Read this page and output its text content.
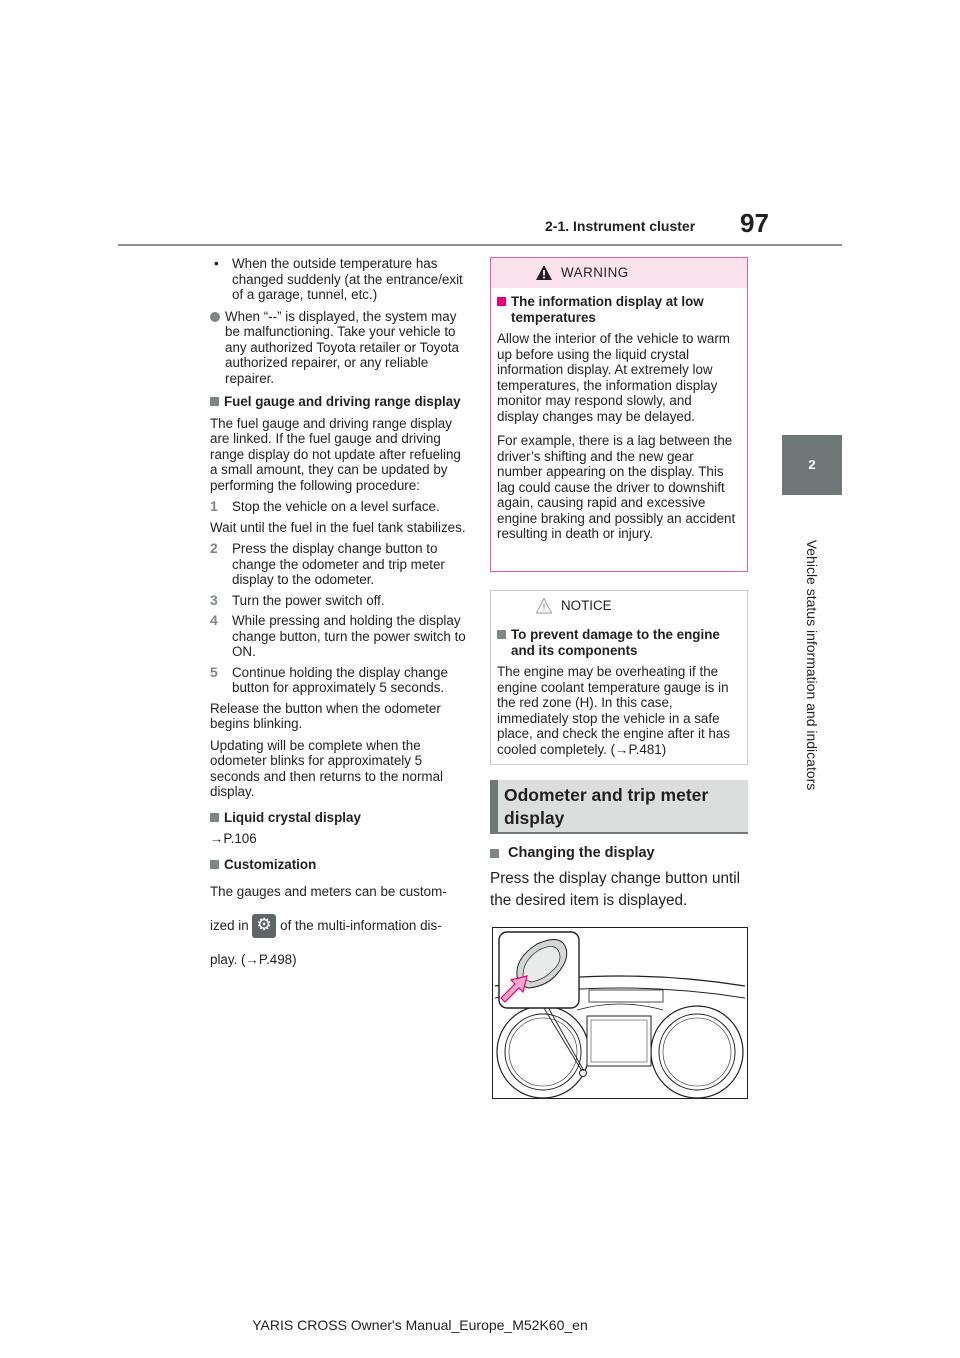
2-1. Instrument cluster 97
2
Vehicle status information and indicators
• When the outside temperature has changed suddenly (at the entrance/exit of a garage, tunnel, etc.)
When “--” is displayed, the system may be malfunctioning. Take your vehicle to any authorized Toyota retailer or Toyota authorized repairer, or any reliable repairer.
Fuel gauge and driving range display

The fuel gauge and driving range display are linked. If the fuel gauge and driving range display do not update after refueling a small amount, they can be updated by performing the following procedure:

1 Stop the vehicle on a level surface.

Wait until the fuel in the fuel tank stabilizes.

2 Press the display change button to change the odometer and trip meter display to the odometer.
3 Turn the power switch off.
4 While pressing and holding the display change button, turn the power switch to ON.
5 Continue holding the display change button for approximately 5 seconds.

Release the button when the odometer begins blinking.

Updating will be complete when the odometer blinks for approximately 5 seconds and then returns to the normal display.

Liquid crystal display

→P.106

Customization

The gauges and meters can be custom-

ized in ⚙ of the multi-information dis-

play. (→P.498)

WARNING
The information display at low temperatures

Allow the interior of the vehicle to warm up before using the liquid crystal information display. At extremely low temperatures, the information display monitor may respond slowly, and display changes may be delayed.

For example, there is a lag between the driver’s shifting and the new gear number appearing on the display. This lag could cause the driver to downshift again, causing rapid and excessive engine braking and possibly an accident resulting in death or injury.

NOTICE
To prevent damage to the engine and its components

The engine may be overheating if the engine coolant temperature gauge is in the red zone (H). In this case, immediately stop the vehicle in a safe place, and check the engine after it has cooled completely. (→P.481)

Odometer and trip meter display
Changing the display

Press the display change button until the desired item is displayed.

YARIS CROSS Owner's Manual_Europe_M52K60_en
